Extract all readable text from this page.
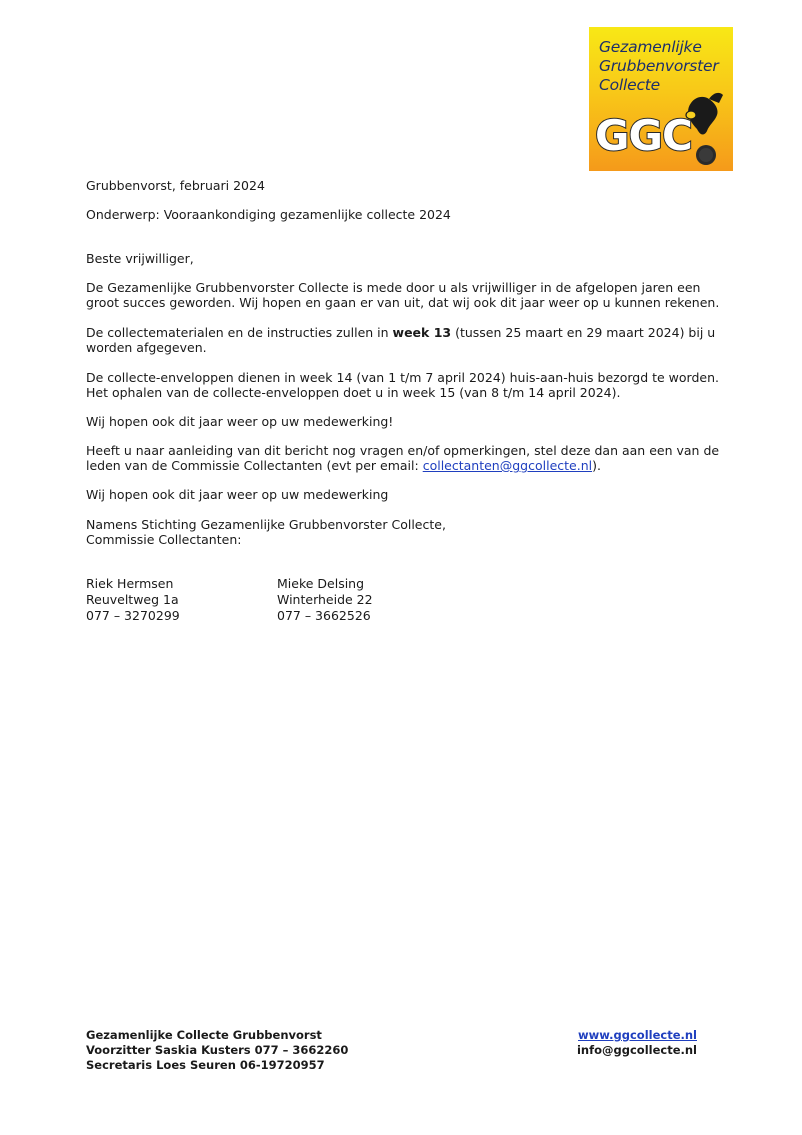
Gezamenlijke
Grubbenvorster
Collecte
GGC
Grubbenvorst, februari 2024
Onderwerp: Vooraankondiging gezamenlijke collecte 2024
Beste vrijwilliger,
De Gezamenlijke Grubbenvorster Collecte is mede door u als vrijwilliger in de afgelopen jaren een
groot succes geworden. Wij hopen en gaan er van uit, dat wij ook dit jaar weer op u kunnen rekenen.
De collectematerialen en de instructies zullen in week 13 (tussen 25 maart en 29 maart 2024) bij u
worden afgegeven.
De collecte-enveloppen dienen in week 14 (van 1 t/m 7 april 2024) huis-aan-huis bezorgd te worden.
Het ophalen van de collecte-enveloppen doet u in week 15 (van 8 t/m 14 april 2024).
Wij hopen ook dit jaar weer op uw medewerking!
Heeft u naar aanleiding van dit bericht nog vragen en/of opmerkingen, stel deze dan aan een van de
leden van de Commissie Collectanten (evt per email: collectanten@ggcollecte.nl).
Wij hopen ook dit jaar weer op uw medewerking
Namens Stichting Gezamenlijke Grubbenvorster Collecte,
Commissie Collectanten:
Riek Hermsen
Reuveltweg 1a
077 – 3270299
Mieke Delsing
Winterheide 22
077 – 3662526
Gezamenlijke Collecte Grubbenvorst
Voorzitter Saskia Kusters 077 – 3662260
Secretaris Loes Seuren 06-19720957
www.ggcollecte.nl
info@ggcollecte.nl
